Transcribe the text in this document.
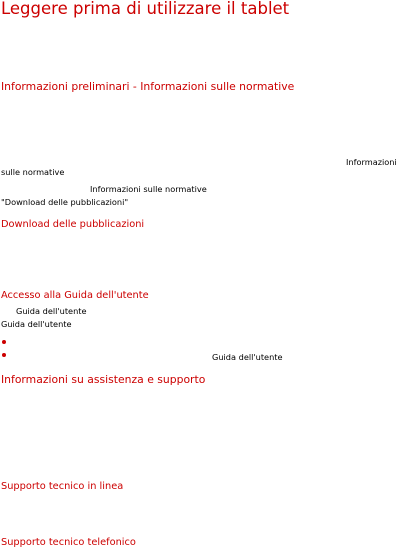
Leggere prima di utilizzare il tablet
Informazioni preliminari - Informazioni sulle normative
Informazioni
sulle normative
Informazioni sulle normative
"Download delle pubblicazioni"
Download delle pubblicazioni
Accesso alla Guida dell'utente
Guida dell'utente
Guida dell'utente
Guida dell'utente
Informazioni su assistenza e supporto
Supporto tecnico in linea
Supporto tecnico telefonico
